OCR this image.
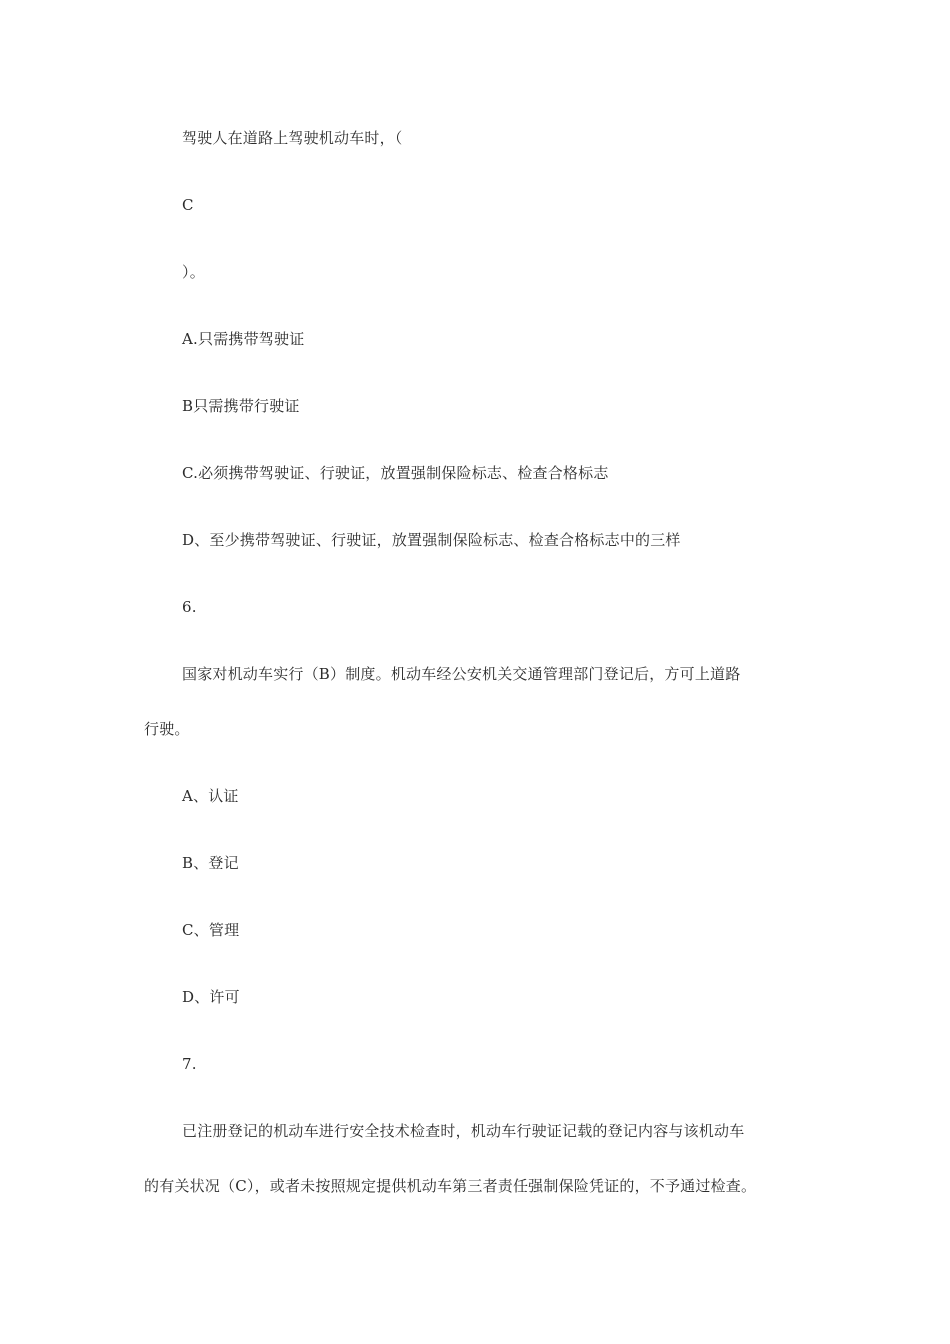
驾驶人在道路上驾驶机动车时，（
C
）。
A.只需携带驾驶证
B只需携带行驶证
C.必须携带驾驶证、行驶证，放置强制保险标志、检查合格标志
D、至少携带驾驶证、行驶证，放置强制保险标志、检查合格标志中的三样
6.
国家对机动车实行（B）制度。机动车经公安机关交通管理部门登记后，方可上道路
行驶。
A、认证
B、登记
C、管理
D、许可
7.
已注册登记的机动车进行安全技术检查时，机动车行驶证记载的登记内容与该机动车
的有关状况（C），或者未按照规定提供机动车第三者责任强制保险凭证的，不予通过检查。
